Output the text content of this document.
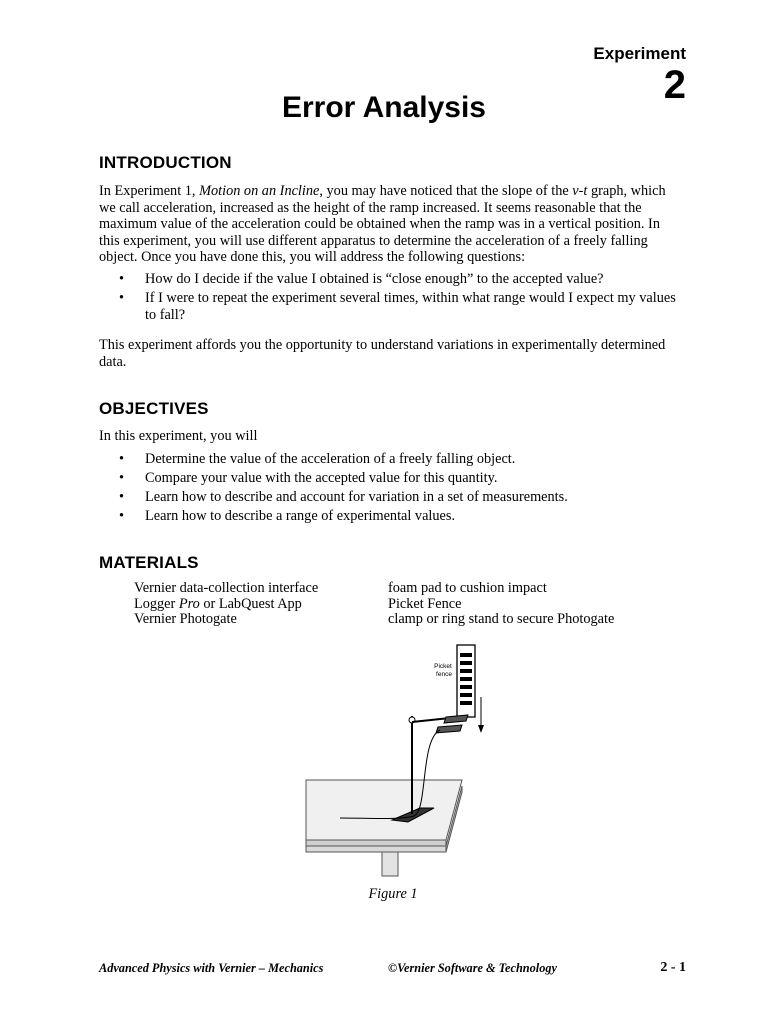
Experiment
2
Error Analysis
INTRODUCTION

In Experiment 1, Motion on an Incline, you may have noticed that the slope of the v-t graph, which we call acceleration, increased as the height of the ramp increased. It seems reasonable that the maximum value of the acceleration could be obtained when the ramp was in a vertical position. In this experiment, you will use different apparatus to determine the acceleration of a freely falling object. Once you have done this, you will address the following questions:

• How do I decide if the value I obtained is “close enough” to the accepted value?
• If I were to repeat the experiment several times, within what range would I expect my values to fall?

This experiment affords you the opportunity to understand variations in experimentally determined data.

OBJECTIVES
In this experiment, you will
• Determine the value of the acceleration of a freely falling object.
• Compare your value with the accepted value for this quantity.
• Learn how to describe and account for variation in a set of measurements.
• Learn how to describe a range of experimental values.
MATERIALS
Vernier data-collection interface
Logger Pro or LabQuest App
Vernier Photogate
foam pad to cushion impact
Picket Fence
clamp or ring stand to secure Photogate
Picket
fence
Figure 1
Advanced Physics with Vernier – Mechanics	©Vernier Software & Technology	2 - 1
